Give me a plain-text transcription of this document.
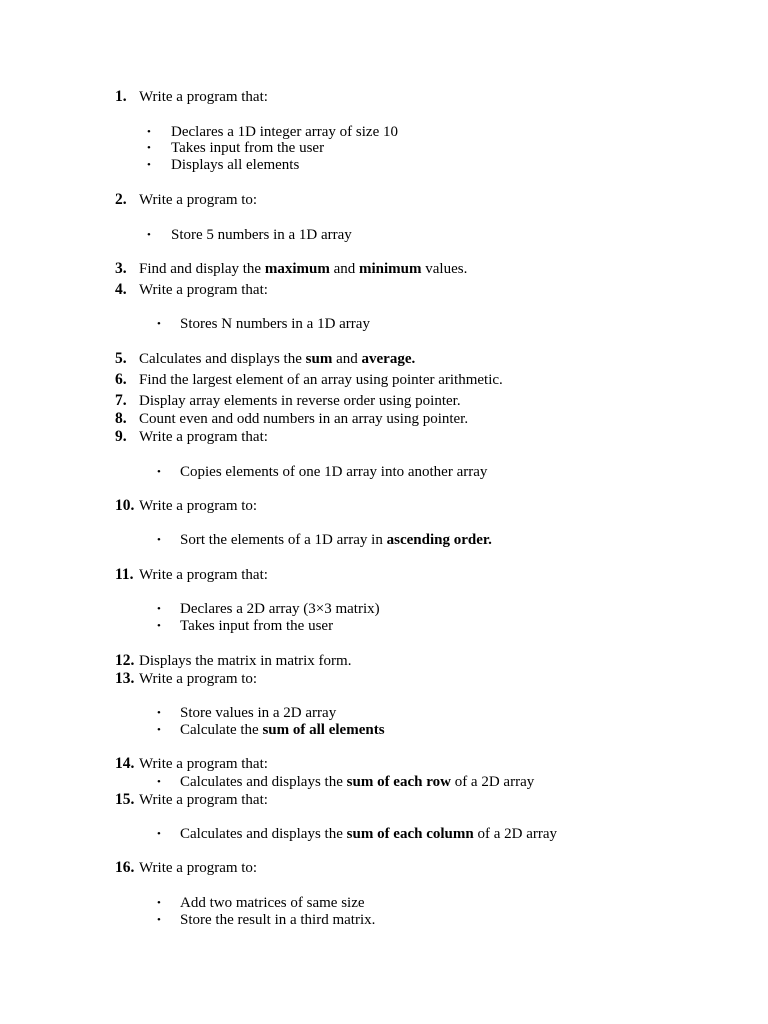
1. Write a program that:
• Declares a 1D integer array of size 10
• Takes input from the user
• Displays all elements
2. Write a program to:
• Store 5 numbers in a 1D array
3. Find and display the maximum and minimum values.
4. Write a program that:
• Stores N numbers in a 1D array
5. Calculates and displays the sum and average.
6. Find the largest element of an array using pointer arithmetic.
7. Display array elements in reverse order using pointer.
8. Count even and odd numbers in an array using pointer.
9. Write a program that:
• Copies elements of one 1D array into another array
10. Write a program to:
• Sort the elements of a 1D array in ascending order.
11. Write a program that:
• Declares a 2D array (3×3 matrix)
• Takes input from the user
12. Displays the matrix in matrix form.
13. Write a program to:
• Store values in a 2D array
• Calculate the sum of all elements
14. Write a program that:
• Calculates and displays the sum of each row of a 2D array
15. Write a program that:
• Calculates and displays the sum of each column of a 2D array
16. Write a program to:
• Add two matrices of same size
• Store the result in a third matrix.
